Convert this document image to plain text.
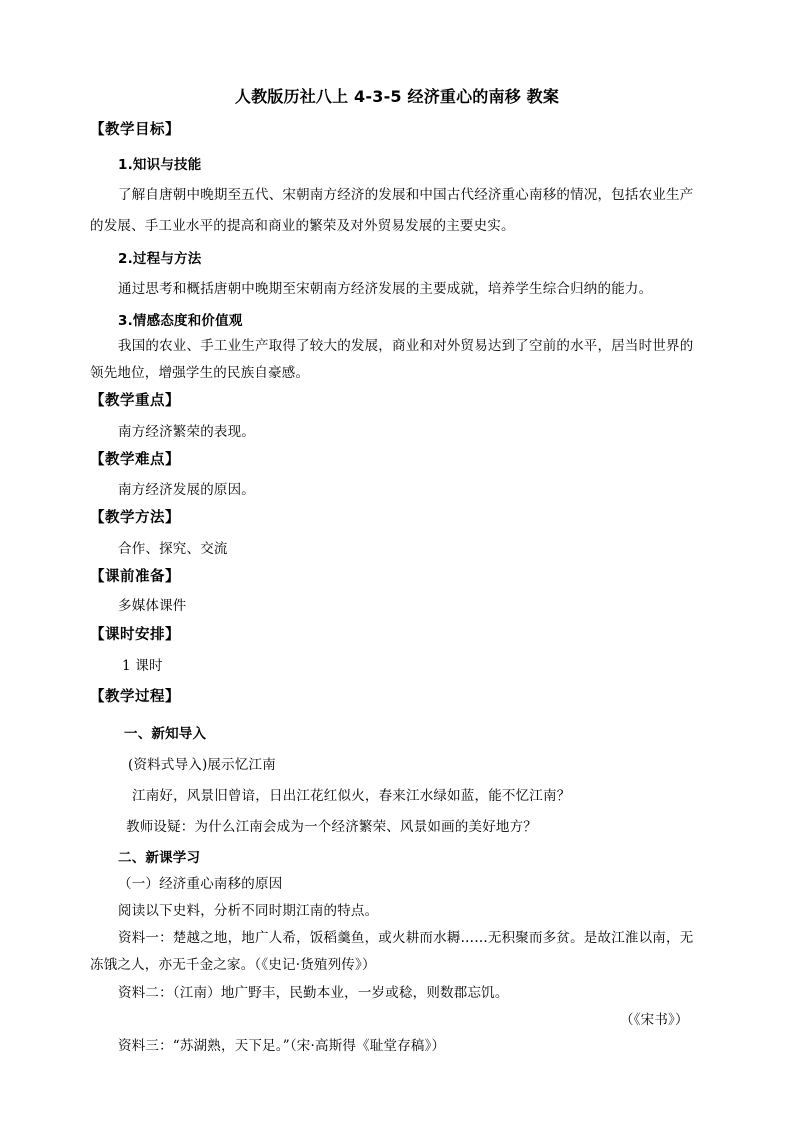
人教版历社八上 4-3-5 经济重心的南移 教案
【教学目标】
1.知识与技能
了解自唐朝中晚期至五代、宋朝南方经济的发展和中国古代经济重心南移的情况，包括农业生产
的发展、手工业水平的提高和商业的繁荣及对外贸易发展的主要史实。
2.过程与方法
通过思考和概括唐朝中晚期至宋朝南方经济发展的主要成就，培养学生综合归纳的能力。
3.情感态度和价值观
我国的农业、手工业生产取得了较大的发展，商业和对外贸易达到了空前的水平，居当时世界的
领先地位，增强学生的民族自豪感。
【教学重点】
南方经济繁荣的表现。
【教学难点】
南方经济发展的原因。
【教学方法】
合作、探究、交流
【课前准备】
多媒体课件
【课时安排】
1 课时
【教学过程】
一、新知导入
(资料式导入)展示忆江南
江南好，风景旧曾谙，日出江花红似火，春来江水绿如蓝，能不忆江南？
教师设疑：为什么江南会成为一个经济繁荣、风景如画的美好地方？
二、新课学习
（一）经济重心南移的原因
阅读以下史料，分析不同时期江南的特点。
资料一：楚越之地，地广人希，饭稻羹鱼，或火耕而水耨……无积聚而多贫。是故江淮以南，无
冻饿之人，亦无千金之家。（《史记·货殖列传》）
资料二：（江南）地广野丰，民勤本业，一岁或稔，则数郡忘饥。
（《宋书》）
资料三：“苏湖熟，天下足。”（宋·高斯得《耻堂存稿》）
